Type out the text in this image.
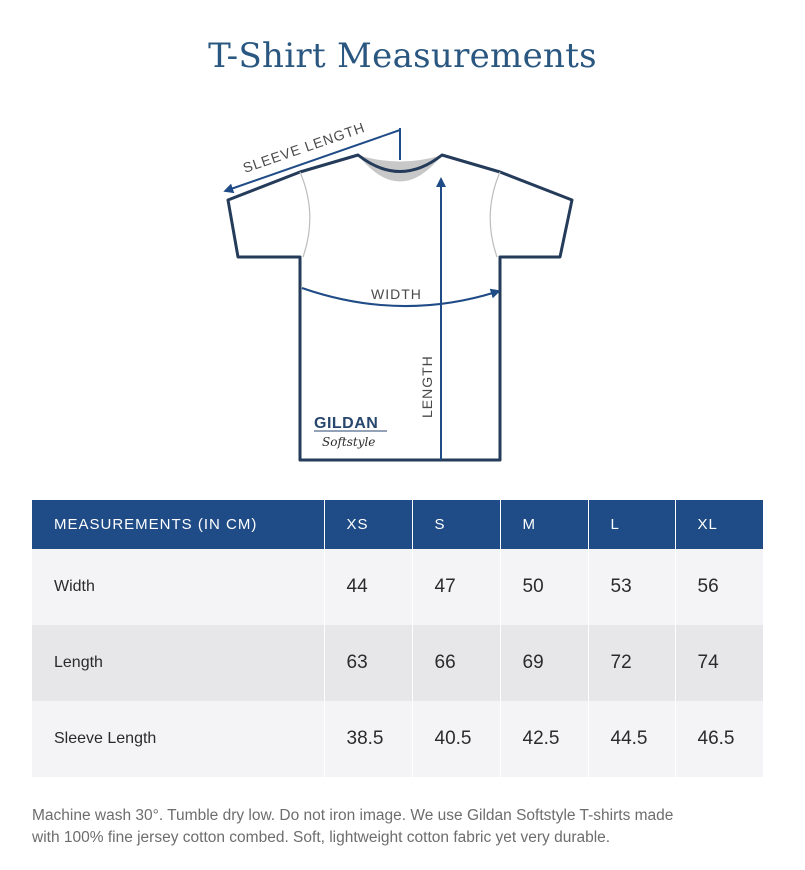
T-Shirt Measurements
SLEEVE LENGTH
WIDTH
LENGTH
GILDAN
Softstyle
MEASUREMENTS (IN CM)	XS	S	M	L	XL
Width	44	47	50	53	56
Length	63	66	69	72	74
Sleeve Length	38.5	40.5	42.5	44.5	46.5
Machine wash 30°. Tumble dry low. Do not iron image. We use Gildan Softstyle T-shirts made
with 100% fine jersey cotton combed. Soft, lightweight cotton fabric yet very durable.
